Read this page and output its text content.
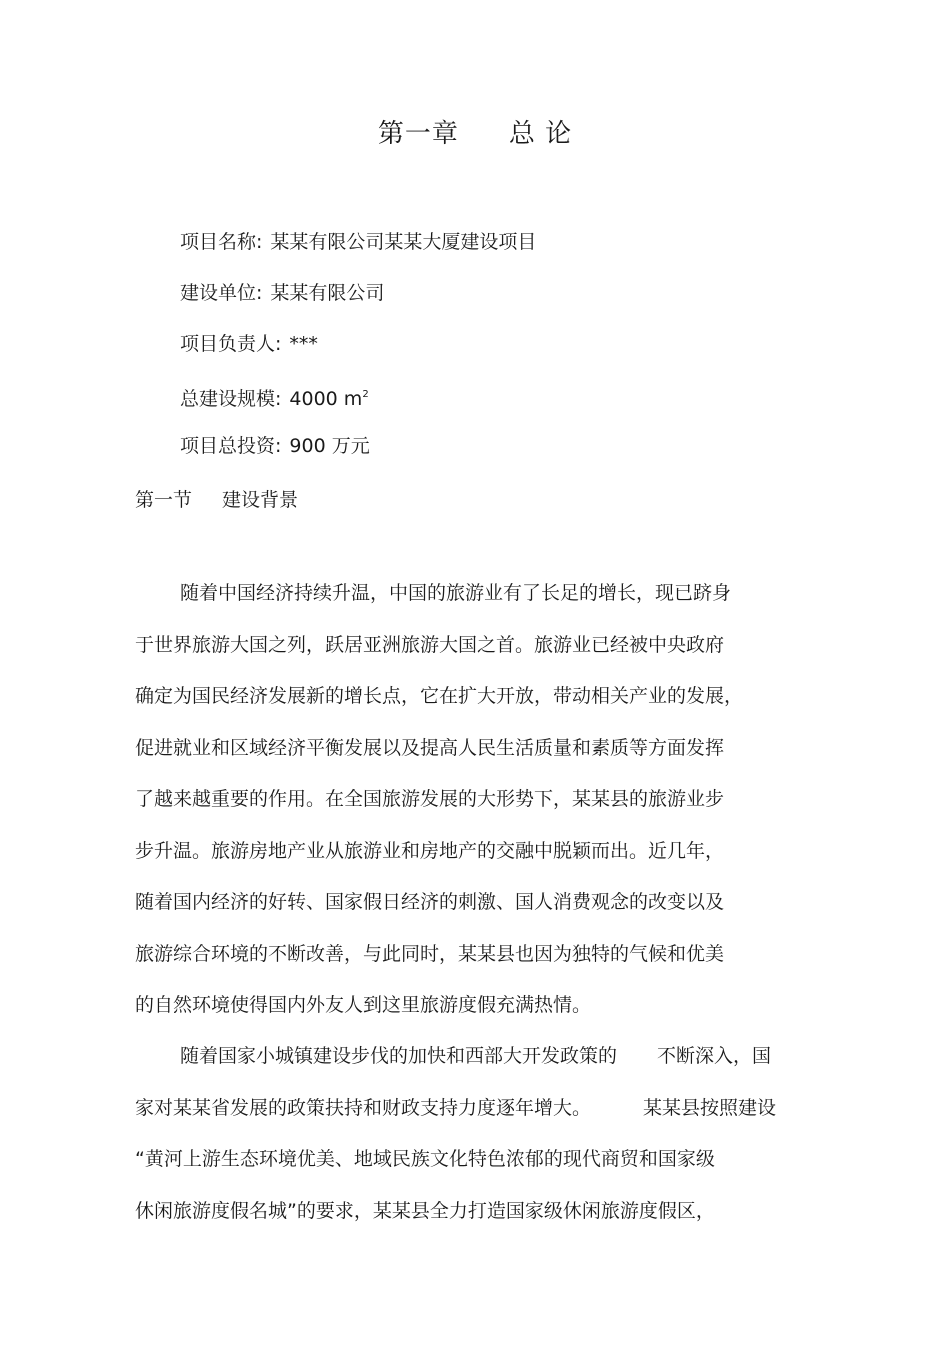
第一章 总 论
项目名称: 某某有限公司某某大厦建设项目
建设单位: 某某有限公司
项目负责人: ***
总建设规模: 4000 $m^2$
项目总投资: 900 万元
第一节 建设背景
随着中国经济持续升温，中国的旅游业有了长足的增长，现已跻身
于世界旅游大国之列，跃居亚洲旅游大国之首。旅游业已经被中央政府
确定为国民经济发展新的增长点，它在扩大开放，带动相关产业的发展，
促进就业和区域经济平衡发展以及提高人民生活质量和素质等方面发挥
了越来越重要的作用。在全国旅游发展的大形势下，某某县的旅游业步
步升温。旅游房地产业从旅游业和房地产的交融中脱颖而出。近几年，
随着国内经济的好转、国家假日经济的刺激、国人消费观念的改变以及
旅游综合环境的不断改善，与此同时，某某县也因为独特的气候和优美
的自然环境使得国内外友人到这里旅游度假充满热情。
随着国家小城镇建设步伐的加快和西部大开发政策的 不断深入，国
家对某某省发展的政策扶持和财政支持力度逐年增大。	某某县按照建设
“黄河上游生态环境优美、地域民族文化特色浓郁的现代商贸和国家级
休闲旅游度假名城”的要求，某某县全力打造国家级休闲旅游度假区，
